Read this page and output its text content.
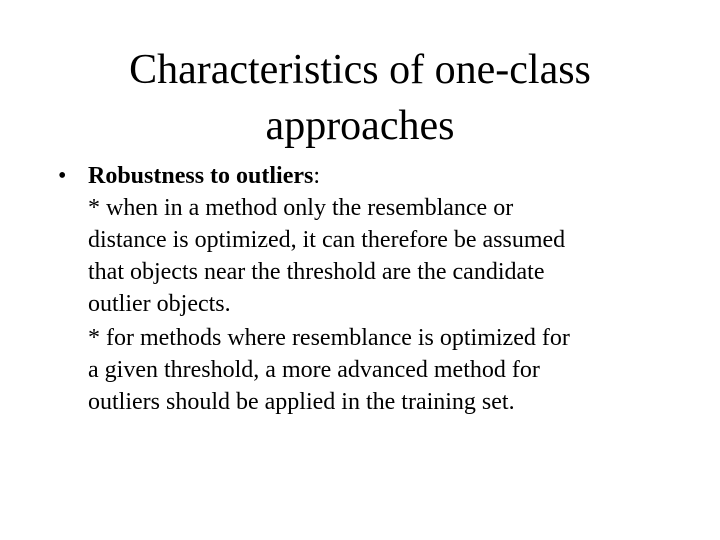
Characteristics of one-class
approaches
• Robustness to outliers:
* when in a method only the resemblance or
distance is optimized, it can therefore be assumed
that objects near the threshold are the candidate
outlier objects.
* for methods where resemblance is optimized for
a given threshold, a more advanced method for
outliers should be applied in the training set.
